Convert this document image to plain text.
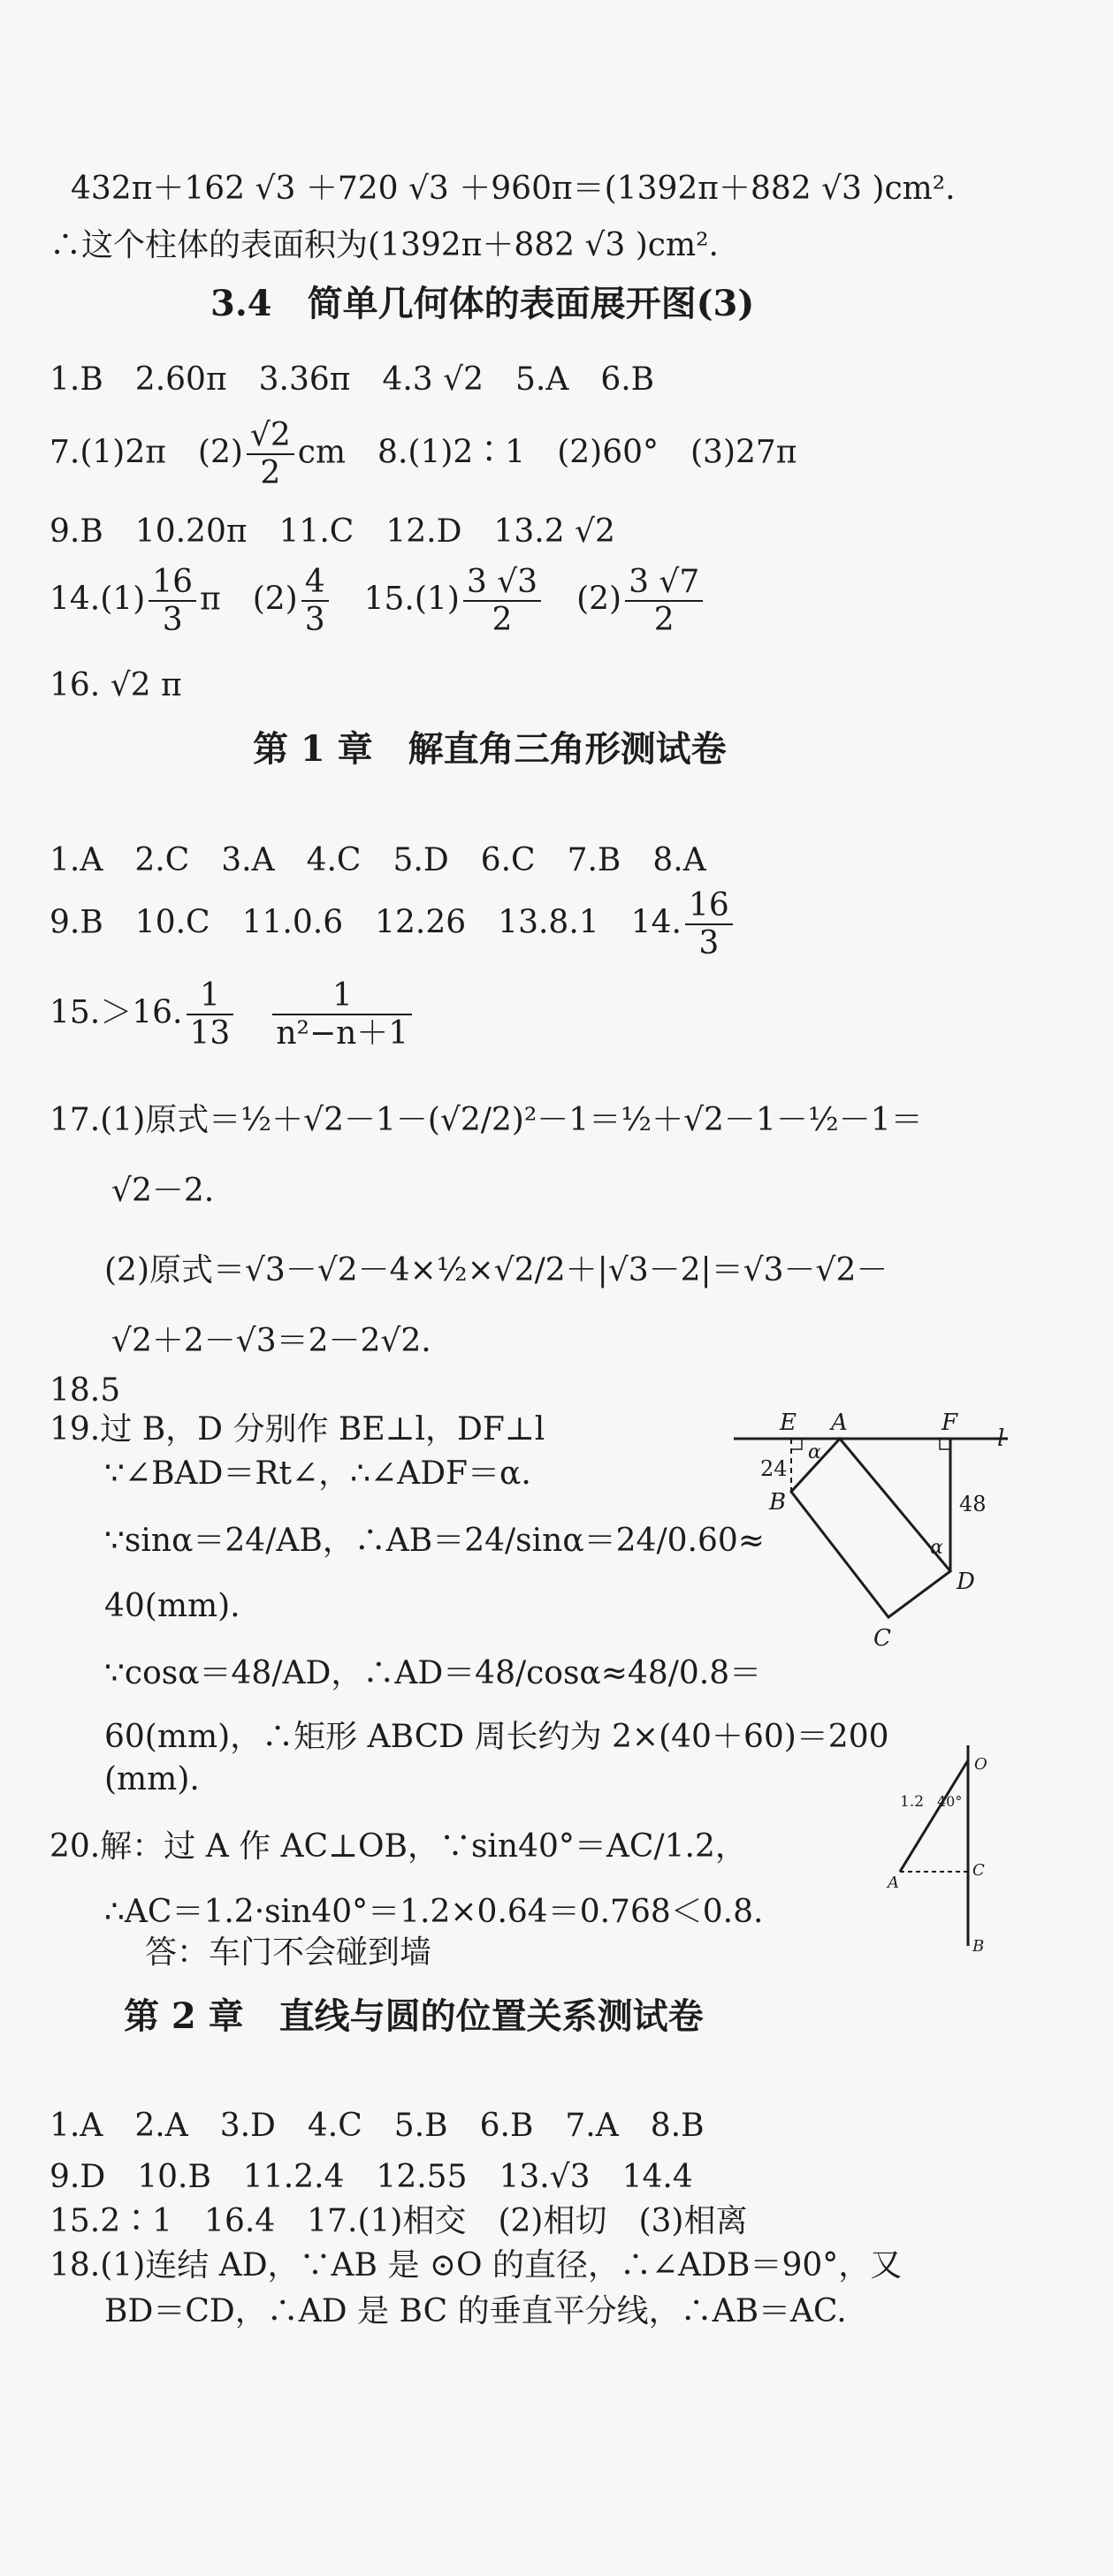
432π＋162 √3 ＋720 √3 ＋960π＝(1392π＋882 √3 )cm².
∴这个柱体的表面积为(1392π＋882 √3 )cm².
3.4　简单几何体的表面展开图(3)
1.B　2.60π　3.36π　4.3 √2　5.A　6.B
7.(1)2π　$(2) \frac{√2}{2}$ cm　8.(1)2∶1　(2)60°　(3)27π
9.B　10.20π　11.C　12.D　13.2 √2
$14.(1) \frac{16}{3}$ π　$(2) \frac{4}{3}$ 　$15.(1) \frac{3 √3}{2}$ 　$(2) \frac{3 √7}{2}$
16. √2 π
第 1 章　解直角三角形测试卷
1.A　2.C　3.A　4.C　5.D　6.C　7.B　8.A
9.B　10.C　11.0.6　12.26　13.8.1　14. $\frac{16}{3}$
15.＞16. $\frac{1}{13}$
　 $\frac{1}{\text{n²−n＋1}}$
17.(1)原式＝½＋√2－1－(√2/2)²－1＝½＋√2－1－½－1＝
√2－2.
(2)原式＝√3－√2－4×½×√2/2＋|√3－2|＝√3－√2－
√2＋2－√3＝2－2√2.
18.5
19.过 B，D 分别作 BE⊥l，DF⊥l
∵∠BAD＝Rt∠，∴∠ADF＝α.
∵sinα＝24/AB，∴AB＝24/sinα＝24/0.60≈
40(mm).
∵cosα＝48/AD，∴AD＝48/cosα≈48/0.8＝
60(mm)，∴矩形 ABCD 周长约为 2×(40＋60)＝200
(mm).
20.解：过 A 作 AC⊥OB，∵sin40°＝AC/1.2，
∴AC＝1.2·sin40°＝1.2×0.64＝0.768＜0.8.
答：车门不会碰到墙
第 2 章　直线与圆的位置关系测试卷
1.A　2.A　3.D　4.C　5.B　6.B　7.A　8.B
9.D　10.B　11.2.4　12.55　13.√3　14.4
15.2∶1　16.4　17.(1)相交　(2)相切　(3)相离
18.(1)连结 AD，∵AB 是 ⊙O 的直径，∴∠ADB＝90°，又
BD＝CD，∴AD 是 BC 的垂直平分线，∴AB＝AC.
E A	F
l
24
α
B	48
α
D
C
O
1.2 40°
C
A
B
